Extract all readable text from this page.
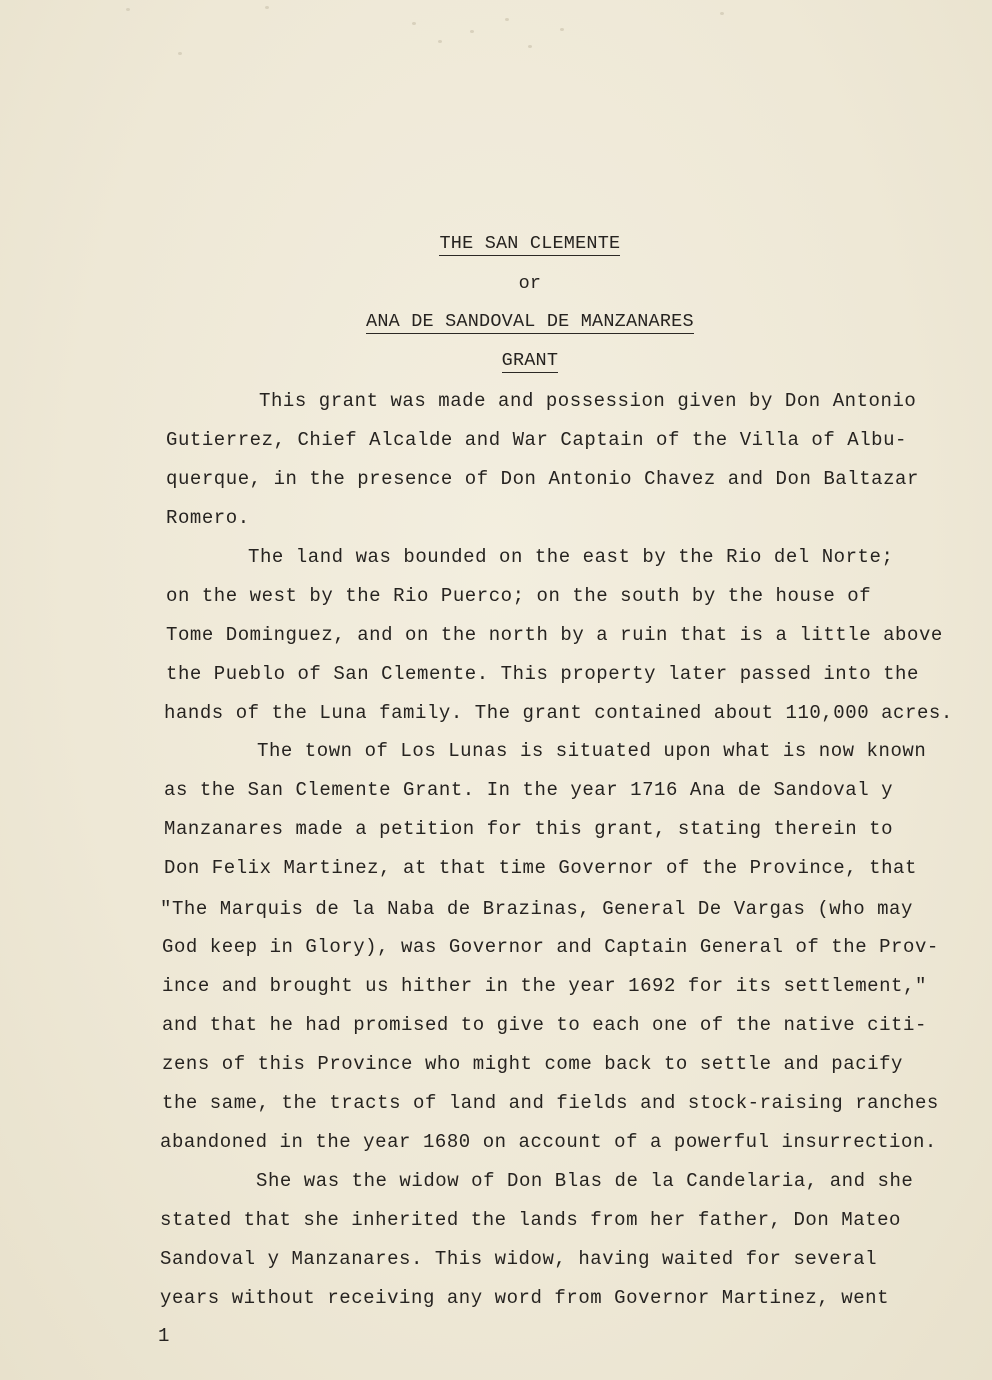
THE SAN CLEMENTE

or

ANA DE SANDOVAL DE MANZANARES

GRANT

This grant was made and possession given by Don Antonio
Gutierrez, Chief Alcalde and War Captain of the Villa of Albu-
querque, in the presence of Don Antonio Chavez and Don Baltazar
Romero.
The land was bounded on the east by the Rio del Norte;
on the west by the Rio Puerco; on the south by the house of
Tome Dominguez, and on the north by a ruin that is a little above
the Pueblo of San Clemente. This property later passed into the
hands of the Luna family. The grant contained about 110,000 acres.
The town of Los Lunas is situated upon what is now known
as the San Clemente Grant. In the year 1716 Ana de Sandoval y
Manzanares made a petition for this grant, stating therein to
Don Felix Martinez, at that time Governor of the Province, that
"The Marquis de la Naba de Brazinas, General De Vargas (who may
God keep in Glory), was Governor and Captain General of the Prov-
ince and brought us hither in the year 1692 for its settlement,"
and that he had promised to give to each one of the native citi-
zens of this Province who might come back to settle and pacify
the same, the tracts of land and fields and stock-raising ranches
abandoned in the year 1680 on account of a powerful insurrection.
She was the widow of Don Blas de la Candelaria, and she
stated that she inherited the lands from her father, Don Mateo
Sandoval y Manzanares. This widow, having waited for several
years without receiving any word from Governor Martinez, went
1
